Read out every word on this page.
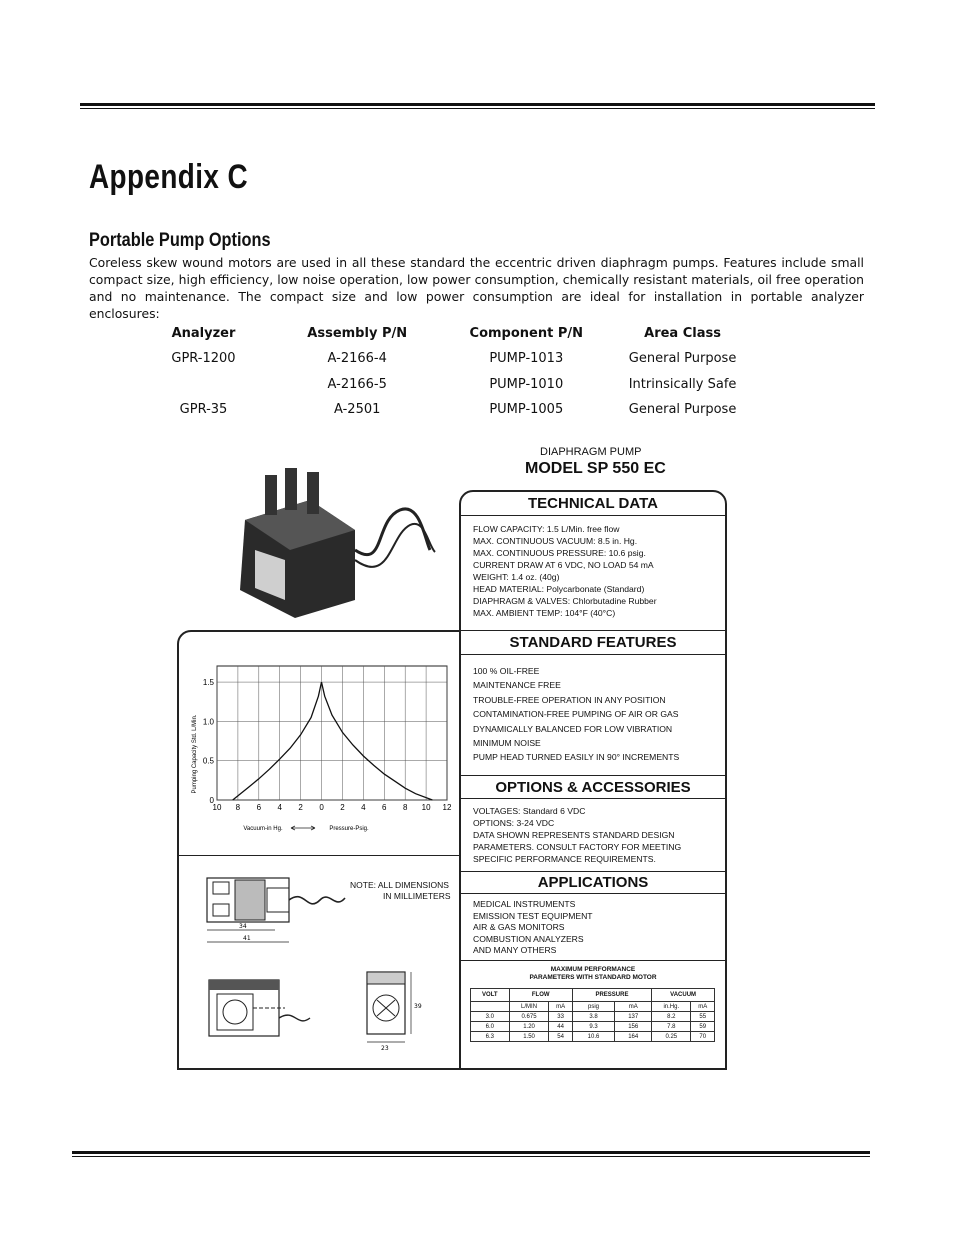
Appendix C
Portable Pump Options

Coreless skew wound motors are used in all these standard the eccentric driven diaphragm pumps. Features include small compact size, high efficiency, low noise operation, low power consumption, chemically resistant materials, oil free operation and no maintenance. The compact size and low power consumption are ideal for installation in portable analyzer enclosures:

Analyzer	Assembly P/N	Component P/N	Area Class
GPR-1200	A-2166-4	PUMP-1013	General Purpose
	A-2166-5	PUMP-1010	Intrinsically Safe
GPR-35	A-2501	PUMP-1005	General Purpose
DIAPHRAGM PUMP
MODEL SP 550 EC
TECHNICAL DATA
FLOW CAPACITY: 1.5 L/Min. free flow
MAX. CONTINUOUS VACUUM: 8.5 in. Hg.
MAX. CONTINUOUS PRESSURE: 10.6 psig.
CURRENT DRAW AT 6 VDC, NO LOAD 54 mA
WEIGHT: 1.4 oz. (40g)
HEAD MATERIAL: Polycarbonate (Standard)
DIAPHRAGM & VALVES: Chlorbutadine Rubber
MAX. AMBIENT TEMP: 104°F (40°C)
STANDARD FEATURES
100 % OIL-FREE
MAINTENANCE FREE
TROUBLE-FREE OPERATION IN ANY POSITION
CONTAMINATION-FREE PUMPING OF AIR OR GAS
DYNAMICALLY BALANCED FOR LOW VIBRATION
MINIMUM NOISE
PUMP HEAD TURNED EASILY IN 90° INCREMENTS
OPTIONS & ACCESSORIES
VOLTAGES: Standard 6 VDC
OPTIONS: 3-24 VDC
DATA SHOWN REPRESENTS STANDARD DESIGN
PARAMETERS. CONSULT FACTORY FOR MEETING
SPECIFIC PERFORMANCE REQUIREMENTS.
APPLICATIONS
MEDICAL INSTRUMENTS
EMISSION TEST EQUIPMENT
AIR & GAS MONITORS
COMBUSTION ANALYZERS
AND MANY OTHERS
MAXIMUM PERFORMANCE
PARAMETERS WITH STANDARD MOTOR
VOLT	FLOW		PRESSURE		VACUUM	
	L/MIN	mA	psig	mA	in.Hg.	mA
3.0	0.675	33	3.8	137	8.2	55
6.0	1.20	44	9.3	156	7.8	59
6.3	1.50	54	10.6	164	0.25	70
10 8 6 4 2 0 2 4 6 8 10 12
0
0.5
1.0
1.5
Pumping Capacity Std. L/Min.
Vacuum-in Hg.	Pressure-Psig.
34
41
39
23
NOTE: ALL DIMENSIONS
IN MILLIMETERS
